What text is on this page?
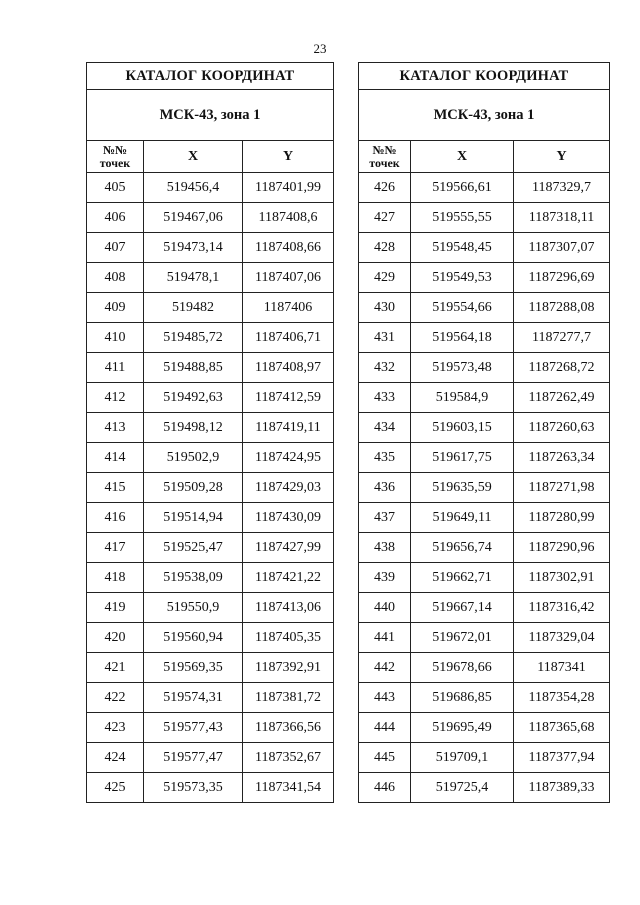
23
КАТАЛОГ КООРДИНАТ		
МСК-43, зона 1		
№№ точек	X	Y
405	519456,4	1187401,99
406	519467,06	1187408,6
407	519473,14	1187408,66
408	519478,1	1187407,06
409	519482	1187406
410	519485,72	1187406,71
411	519488,85	1187408,97
412	519492,63	1187412,59
413	519498,12	1187419,11
414	519502,9	1187424,95
415	519509,28	1187429,03
416	519514,94	1187430,09
417	519525,47	1187427,99
418	519538,09	1187421,22
419	519550,9	1187413,06
420	519560,94	1187405,35
421	519569,35	1187392,91
422	519574,31	1187381,72
423	519577,43	1187366,56
424	519577,47	1187352,67
425	519573,35	1187341,54
КАТАЛОГ КООРДИНАТ		
МСК-43, зона 1		
№№ точек	X	Y
426	519566,61	1187329,7
427	519555,55	1187318,11
428	519548,45	1187307,07
429	519549,53	1187296,69
430	519554,66	1187288,08
431	519564,18	1187277,7
432	519573,48	1187268,72
433	519584,9	1187262,49
434	519603,15	1187260,63
435	519617,75	1187263,34
436	519635,59	1187271,98
437	519649,11	1187280,99
438	519656,74	1187290,96
439	519662,71	1187302,91
440	519667,14	1187316,42
441	519672,01	1187329,04
442	519678,66	1187341
443	519686,85	1187354,28
444	519695,49	1187365,68
445	519709,1	1187377,94
446	519725,4	1187389,33
